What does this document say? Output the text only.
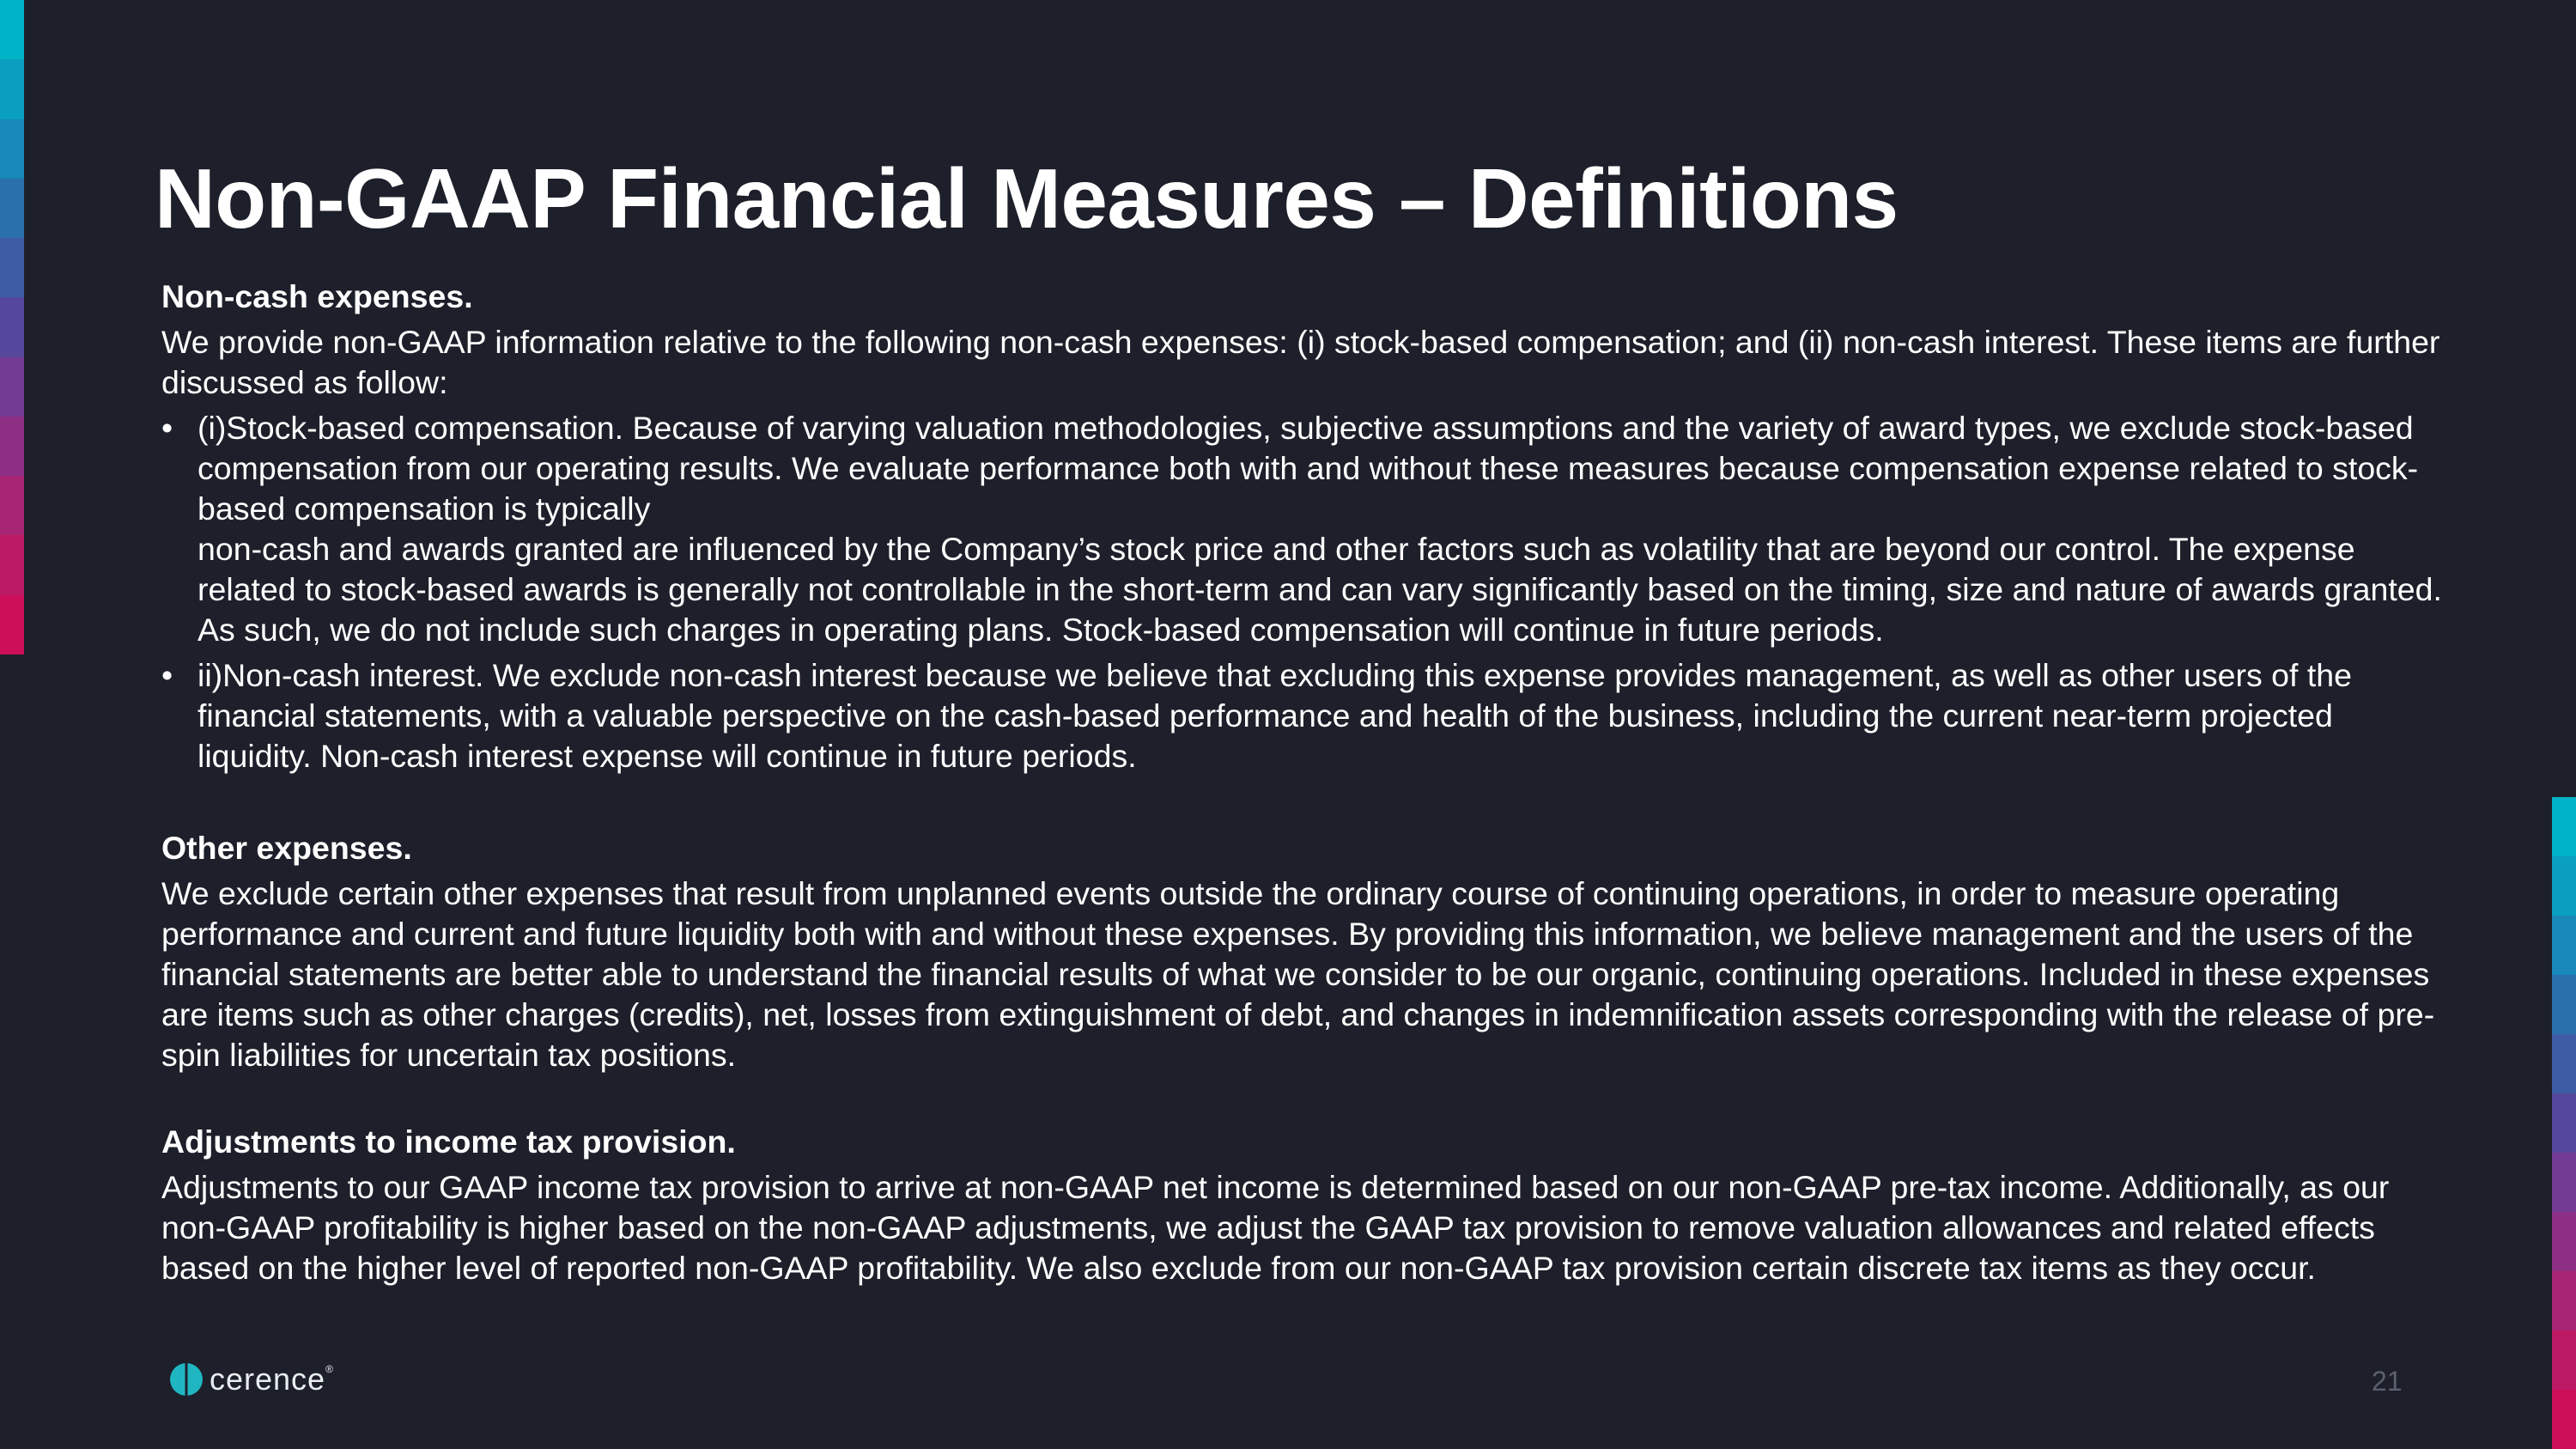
Non-GAAP Financial Measures – Definitions
Non-cash expenses.

We provide non-GAAP information relative to the following non-cash expenses: (i) stock-based compensation; and (ii) non-cash interest. These items are further discussed as follow:

• (i)Stock-based compensation. Because of varying valuation methodologies, subjective assumptions and the variety of award types, we exclude stock-based compensation from our operating results. We evaluate performance both with and without these measures because compensation expense related to stock-based compensation is typically
non-cash and awards granted are influenced by the Company’s stock price and other factors such as volatility that are beyond our control. The expense related to stock-based awards is generally not controllable in the short-term and can vary significantly based on the timing, size and nature of awards granted. As such, we do not include such charges in operating plans. Stock-based compensation will continue in future periods.
• ii)Non-cash interest. We exclude non-cash interest because we believe that excluding this expense provides management, as well as other users of the financial statements, with a valuable perspective on the cash-based performance and health of the business, including the current near-term projected liquidity. Non-cash interest expense will continue in future periods.
Other expenses.

We exclude certain other expenses that result from unplanned events outside the ordinary course of continuing operations, in order to measure operating performance and current and future liquidity both with and without these expenses. By providing this information, we believe management and the users of the financial statements are better able to understand the financial results of what we consider to be our organic, continuing operations. Included in these expenses are items such as other charges (credits), net, losses from extinguishment of debt, and changes in indemnification assets corresponding with the release of pre-spin liabilities for uncertain tax positions.

Adjustments to income tax provision.

Adjustments to our GAAP income tax provision to arrive at non-GAAP net income is determined based on our non-GAAP pre-tax income. Additionally, as our non-GAAP profitability is higher based on the non-GAAP adjustments, we adjust the GAAP tax provision to remove valuation allowances and related effects based on the higher level of reported non-GAAP profitability. We also exclude from our non-GAAP tax provision certain discrete tax items as they occur.

cerence ®	21
